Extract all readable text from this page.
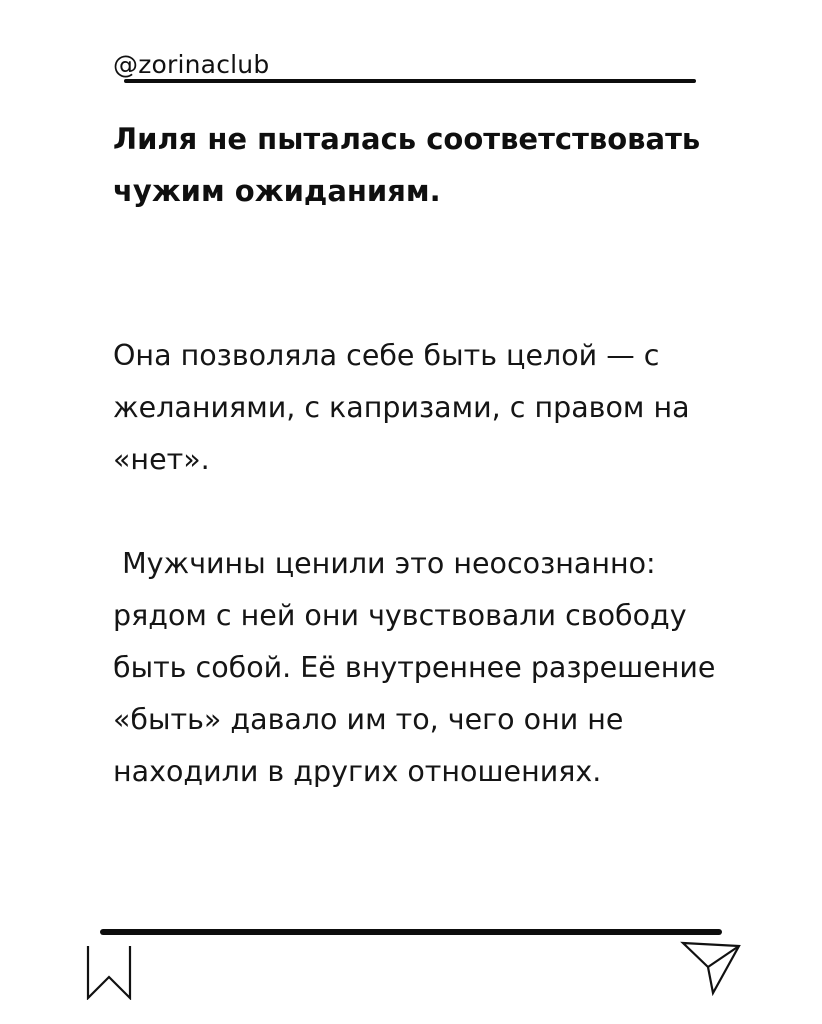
@zorinaclub
Лиля не пыталась соответствовать чужим ожиданиям.

Она позволяла себе быть целой — с желаниями, с капризами, с правом на «нет».

Мужчины ценили это неосознанно: рядом с ней они чувствовали свободу быть собой. Её внутреннее разрешение «быть» давало им то, чего они не находили в других отношениях.
